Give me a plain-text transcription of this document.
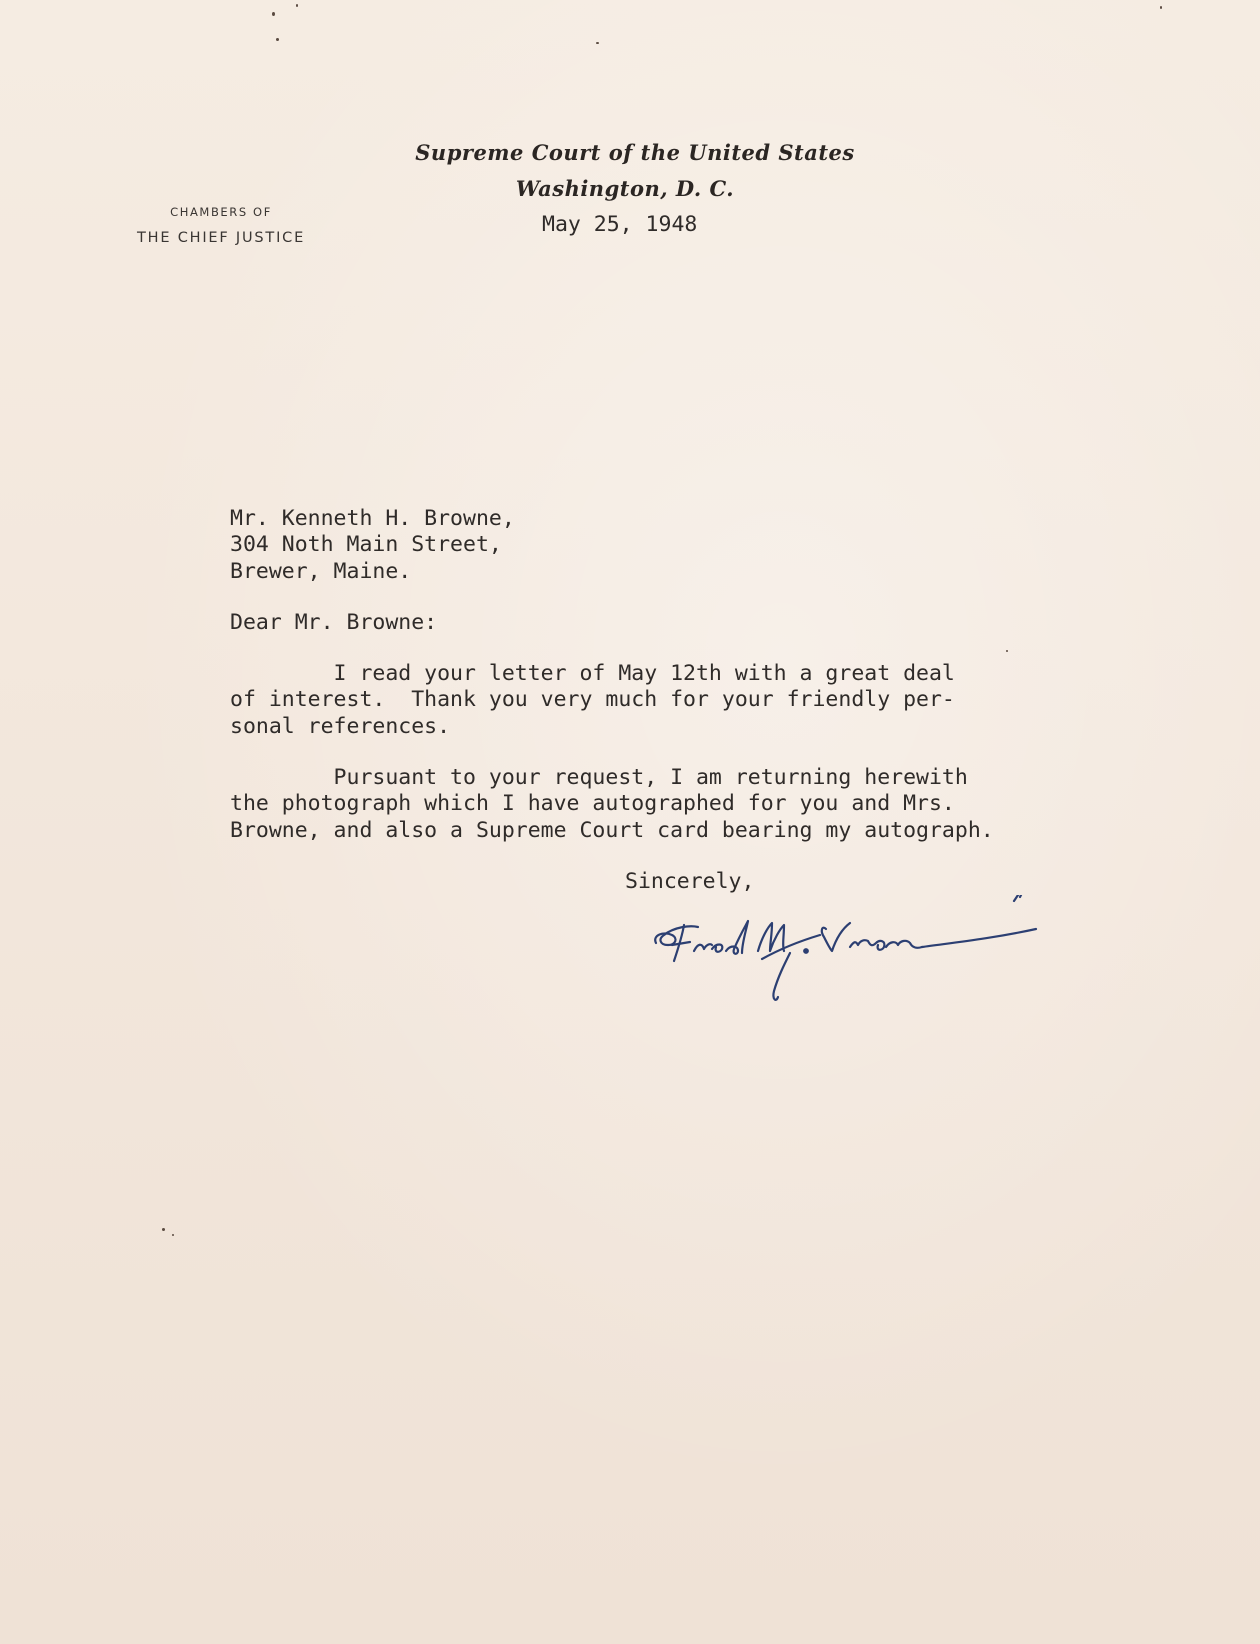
Supreme Court of the United States
Washington, D. C.
CHAMBERS OF
THE CHIEF JUSTICE
May 25, 1948
Mr. Kenneth H. Browne,
304 Noth Main Street,
Brewer, Maine.
Dear Mr. Browne:
I read your letter of May 12th with a great deal
of interest.  Thank you very much for your friendly per-
sonal references.
Pursuant to your request, I am returning herewith
the photograph which I have autographed for you and Mrs.
Browne, and also a Supreme Court card bearing my autograph.
Sincerely,
